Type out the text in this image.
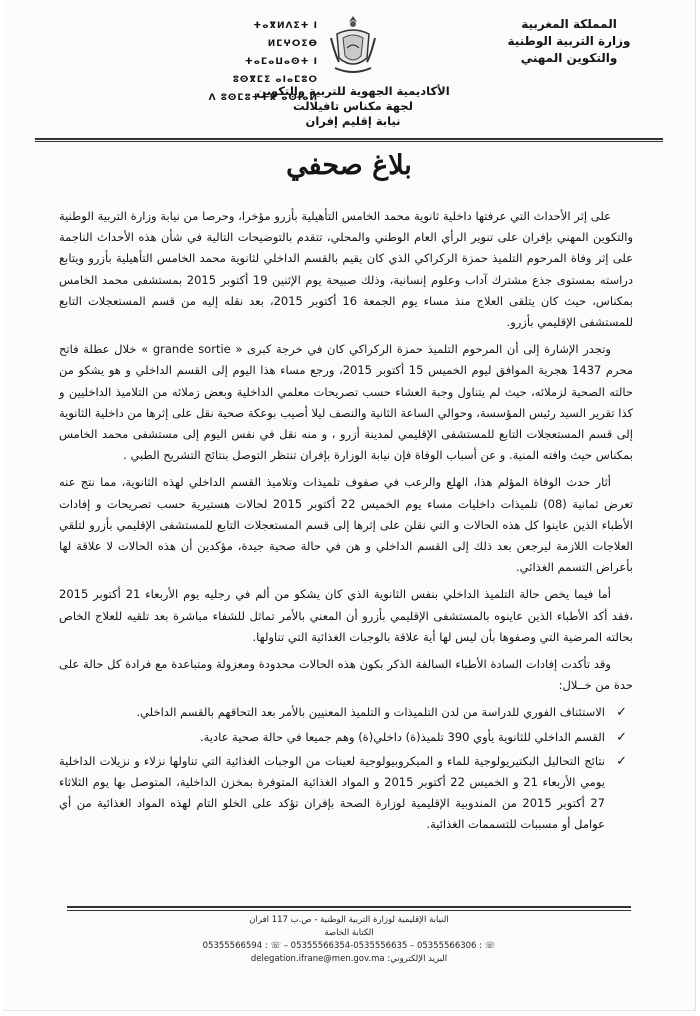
المملكة المغربية
وزارة التربية الوطنية
والتكوين المهني
ⵜⴰⴳⵍⴷⵉⵜ ⵏ ⵍⵎⵖⵔⵉⴱ
ⵜⴰⵎⴰⵡⴰⵙⵜ ⵏ ⵓⵙⴳⵎⵉ ⴰⵏⴰⵎⵓⵔ
ⴷ ⵓⵙⵎⵓⵜⵜⴳ ⴰⵙⵏⴰⵍ
الأكاديمية الجهوية للتربية والتكوين
لجهة مكناس تافيلالت
نيابة إقليم إفران
بلاغ صحفي

على إثر الأحداث التي عرفتها داخلية ثانوية محمد الخامس التأهيلية بأزرو مؤخرا، وحرصا من نيابة وزارة التربية الوطنية والتكوين المهني بإفران على تنوير الرأي العام الوطني والمحلي، تتقدم بالتوضيحات التالية في شأن هذه الأحداث الناجمة على إثر وفاة المرحوم التلميذ حمزة الركراكي الذي كان يقيم بالقسم الداخلي لثانوية محمد الخامس التأهيلية بأزرو ويتابع دراسته بمستوى جذع مشترك آداب وعلوم إنسانية، وذلك صبيحة يوم الإثنين 19 أكتوبر 2015 بمستشفى محمد الخامس بمكناس، حيث كان يتلقى العلاج منذ مساء يوم الجمعة 16 أكتوبر 2015، بعد نقله إليه من قسم المستعجلات التابع للمستشفى الإقليمي بأزرو.

وتجدر الإشارة إلى أن المرحوم التلميذ حمزة الركراكي كان في خرجة كبرى « grande sortie » خلال عطلة فاتح محرم 1437 هجرية الموافق ليوم الخميس 15 أكتوبر 2015، ورجع مساء هذا اليوم إلى القسم الداخلي و هو يشكو من حالته الصحية لزملائه، حيث لم يتناول وجبة العشاء حسب تصريحات معلمي الداخلية وبعض زملائه من التلاميذ الداخليين و كذا تقرير السيد رئيس المؤسسة، وحوالي الساعة الثانية والنصف ليلا أصيب بوعكة صحية نقل على إثرها من داخلية الثانوية إلى قسم المستعجلات التابع للمستشفى الإقليمي لمدينة أزرو ، و منه نقل في نفس اليوم إلى مستشفى محمد الخامس بمكناس حيث وافته المنية. و عن أسباب الوفاة فإن نيابة الوزارة بإفران تنتظر التوصل بنتائج التشريح الطبي .

أثار حدث الوفاة المؤلم هذا، الهلع والرعب في صفوف تلميذات وتلاميذ القسم الداخلي لهذه الثانوية، مما نتج عنه تعرض ثمانية (08) تلميذات داخليات مساء يوم الخميس 22 أكتوبر 2015 لحالات هستيرية حسب تصريحات و إفادات الأطباء الذين عاينوا كل هذه الحالات و التي نقلن على إثرها إلى قسم المستعجلات التابع للمستشفى الإقليمي بأزرو لتلقي العلاجات اللازمة ليرجعن بعد ذلك إلى القسم الداخلي و هن في حالة صحية جيدة، مؤكدين أن هذه الحالات لا علاقة لها بأعراض التسمم الغذائي.

أما فيما يخص حالة التلميذ الداخلي بنفس الثانوية الذي كان يشكو من ألم في رجليه يوم الأربعاء 21 أكتوبر 2015 ،فقد أكد الأطباء الذين عاينوه بالمستشفى الإقليمي بأزرو أن المعني بالأمر تماثل للشفاء مباشرة بعد تلقيه للعلاج الخاص بحالته المرضية التي وصفوها بأن ليس لها أية علاقة بالوجبات الغذائية التي تناولها.

وقد تأكدت إفادات السادة الأطباء السالفة الذكر بكون هذه الحالات محدودة ومعزولة ومتباعدة مع فرادة كل حالة على حدة من خــلال:

✓
الاستئناف الفوري للدراسة من لدن التلميذات و التلميذ المعنيين بالأمر بعد التحاقهم بالقسم الداخلي.
✓
القسم الداخلي للثانوية يأوي 390 تلميذ(ة) داخلي(ة) وهم جميعا في حالة صحية عادية.
✓
نتائج التحاليل البكتيريولوجية للماء و الميكروبيولوجية لعينات من الوجبات الغذائية التي تناولها نزلاء و نزيلات الداخلية يومي الأربعاء 21 و الخميس 22 أكتوبر 2015 و المواد الغذائية المتوفرة بمخزن الداخلية، المتوصل بها يوم الثلاثاء 27 أكتوبر 2015 من المندوبية الإقليمية لوزارة الصحة بإفران تؤكد على الخلو التام لهذه المواد الغذائية من أي عوامل أو مسببات للتسممات الغذائية.
النيابة الإقليمية لوزارة التربية الوطنية - ص.ب 117 افران
الكتابة الخاصة
05355566594 : ☏ – 05355566354-0535556635 – 05355566306 : ☏
البريد الإلكتروني: delegation.ifrane@men.gov.ma
